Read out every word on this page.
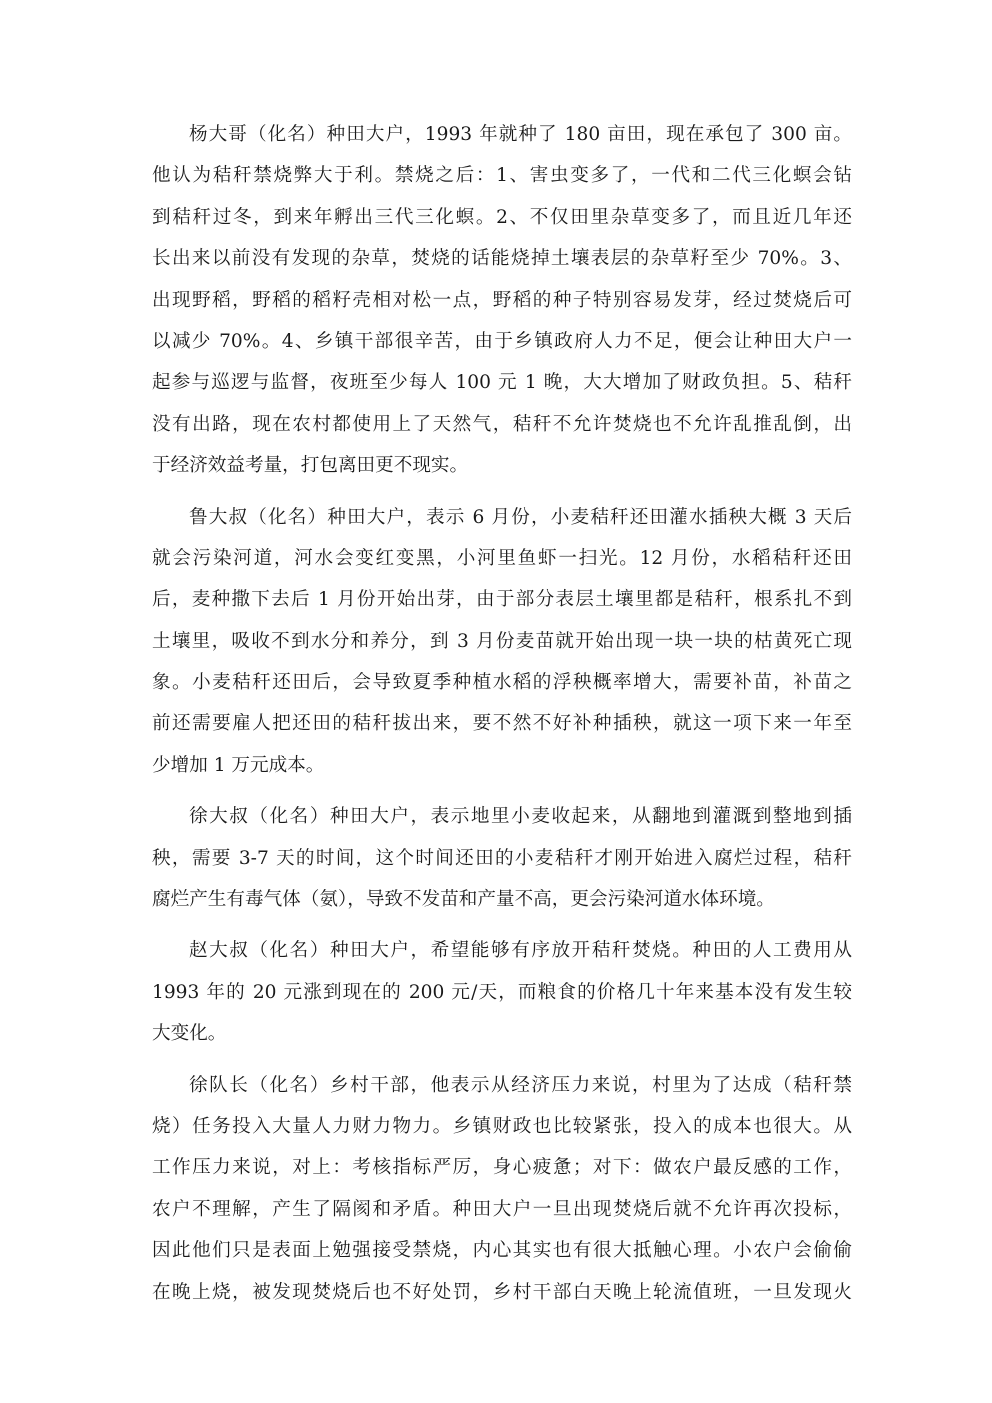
杨大哥（化名）种田大户，1993 年就种了 180 亩田，现在承包了 300 亩。
他认为秸秆禁烧弊大于利。禁烧之后：1、害虫变多了，一代和二代三化螟会钻
到秸秆过冬，到来年孵出三代三化螟。2、不仅田里杂草变多了，而且近几年还
长出来以前没有发现的杂草，焚烧的话能烧掉土壤表层的杂草籽至少 70%。3、
出现野稻，野稻的稻籽壳相对松一点，野稻的种子特别容易发芽，经过焚烧后可
以减少 70%。4、乡镇干部很辛苦，由于乡镇政府人力不足，便会让种田大户一
起参与巡逻与监督，夜班至少每人 100 元 1 晚，大大增加了财政负担。5、秸秆
没有出路，现在农村都使用上了天然气，秸秆不允许焚烧也不允许乱推乱倒，出
于经济效益考量，打包离田更不现实。
鲁大叔（化名）种田大户，表示 6 月份，小麦秸秆还田灌水插秧大概 3 天后
就会污染河道，河水会变红变黑，小河里鱼虾一扫光。12 月份，水稻秸秆还田
后，麦种撒下去后 1 月份开始出芽，由于部分表层土壤里都是秸秆，根系扎不到
土壤里，吸收不到水分和养分，到 3 月份麦苗就开始出现一块一块的枯黄死亡现
象。小麦秸秆还田后，会导致夏季种植水稻的浮秧概率增大，需要补苗，补苗之
前还需要雇人把还田的秸秆拔出来，要不然不好补种插秧，就这一项下来一年至
少增加 1 万元成本。
徐大叔（化名）种田大户，表示地里小麦收起来，从翻地到灌溉到整地到插
秧，需要 3-7 天的时间，这个时间还田的小麦秸秆才刚开始进入腐烂过程，秸秆
腐烂产生有毒气体（氨），导致不发苗和产量不高，更会污染河道水体环境。
赵大叔（化名）种田大户，希望能够有序放开秸秆焚烧。种田的人工费用从
1993 年的 20 元涨到现在的 200 元/天，而粮食的价格几十年来基本没有发生较
大变化。
徐队长（化名）乡村干部，他表示从经济压力来说，村里为了达成（秸秆禁
烧）任务投入大量人力财力物力。乡镇财政也比较紧张，投入的成本也很大。从
工作压力来说，对上：考核指标严厉，身心疲惫；对下：做农户最反感的工作，
农户不理解，产生了隔阂和矛盾。种田大户一旦出现焚烧后就不允许再次投标，
因此他们只是表面上勉强接受禁烧，内心其实也有很大抵触心理。小农户会偷偷
在晚上烧，被发现焚烧后也不好处罚，乡村干部白天晚上轮流值班，一旦发现火
